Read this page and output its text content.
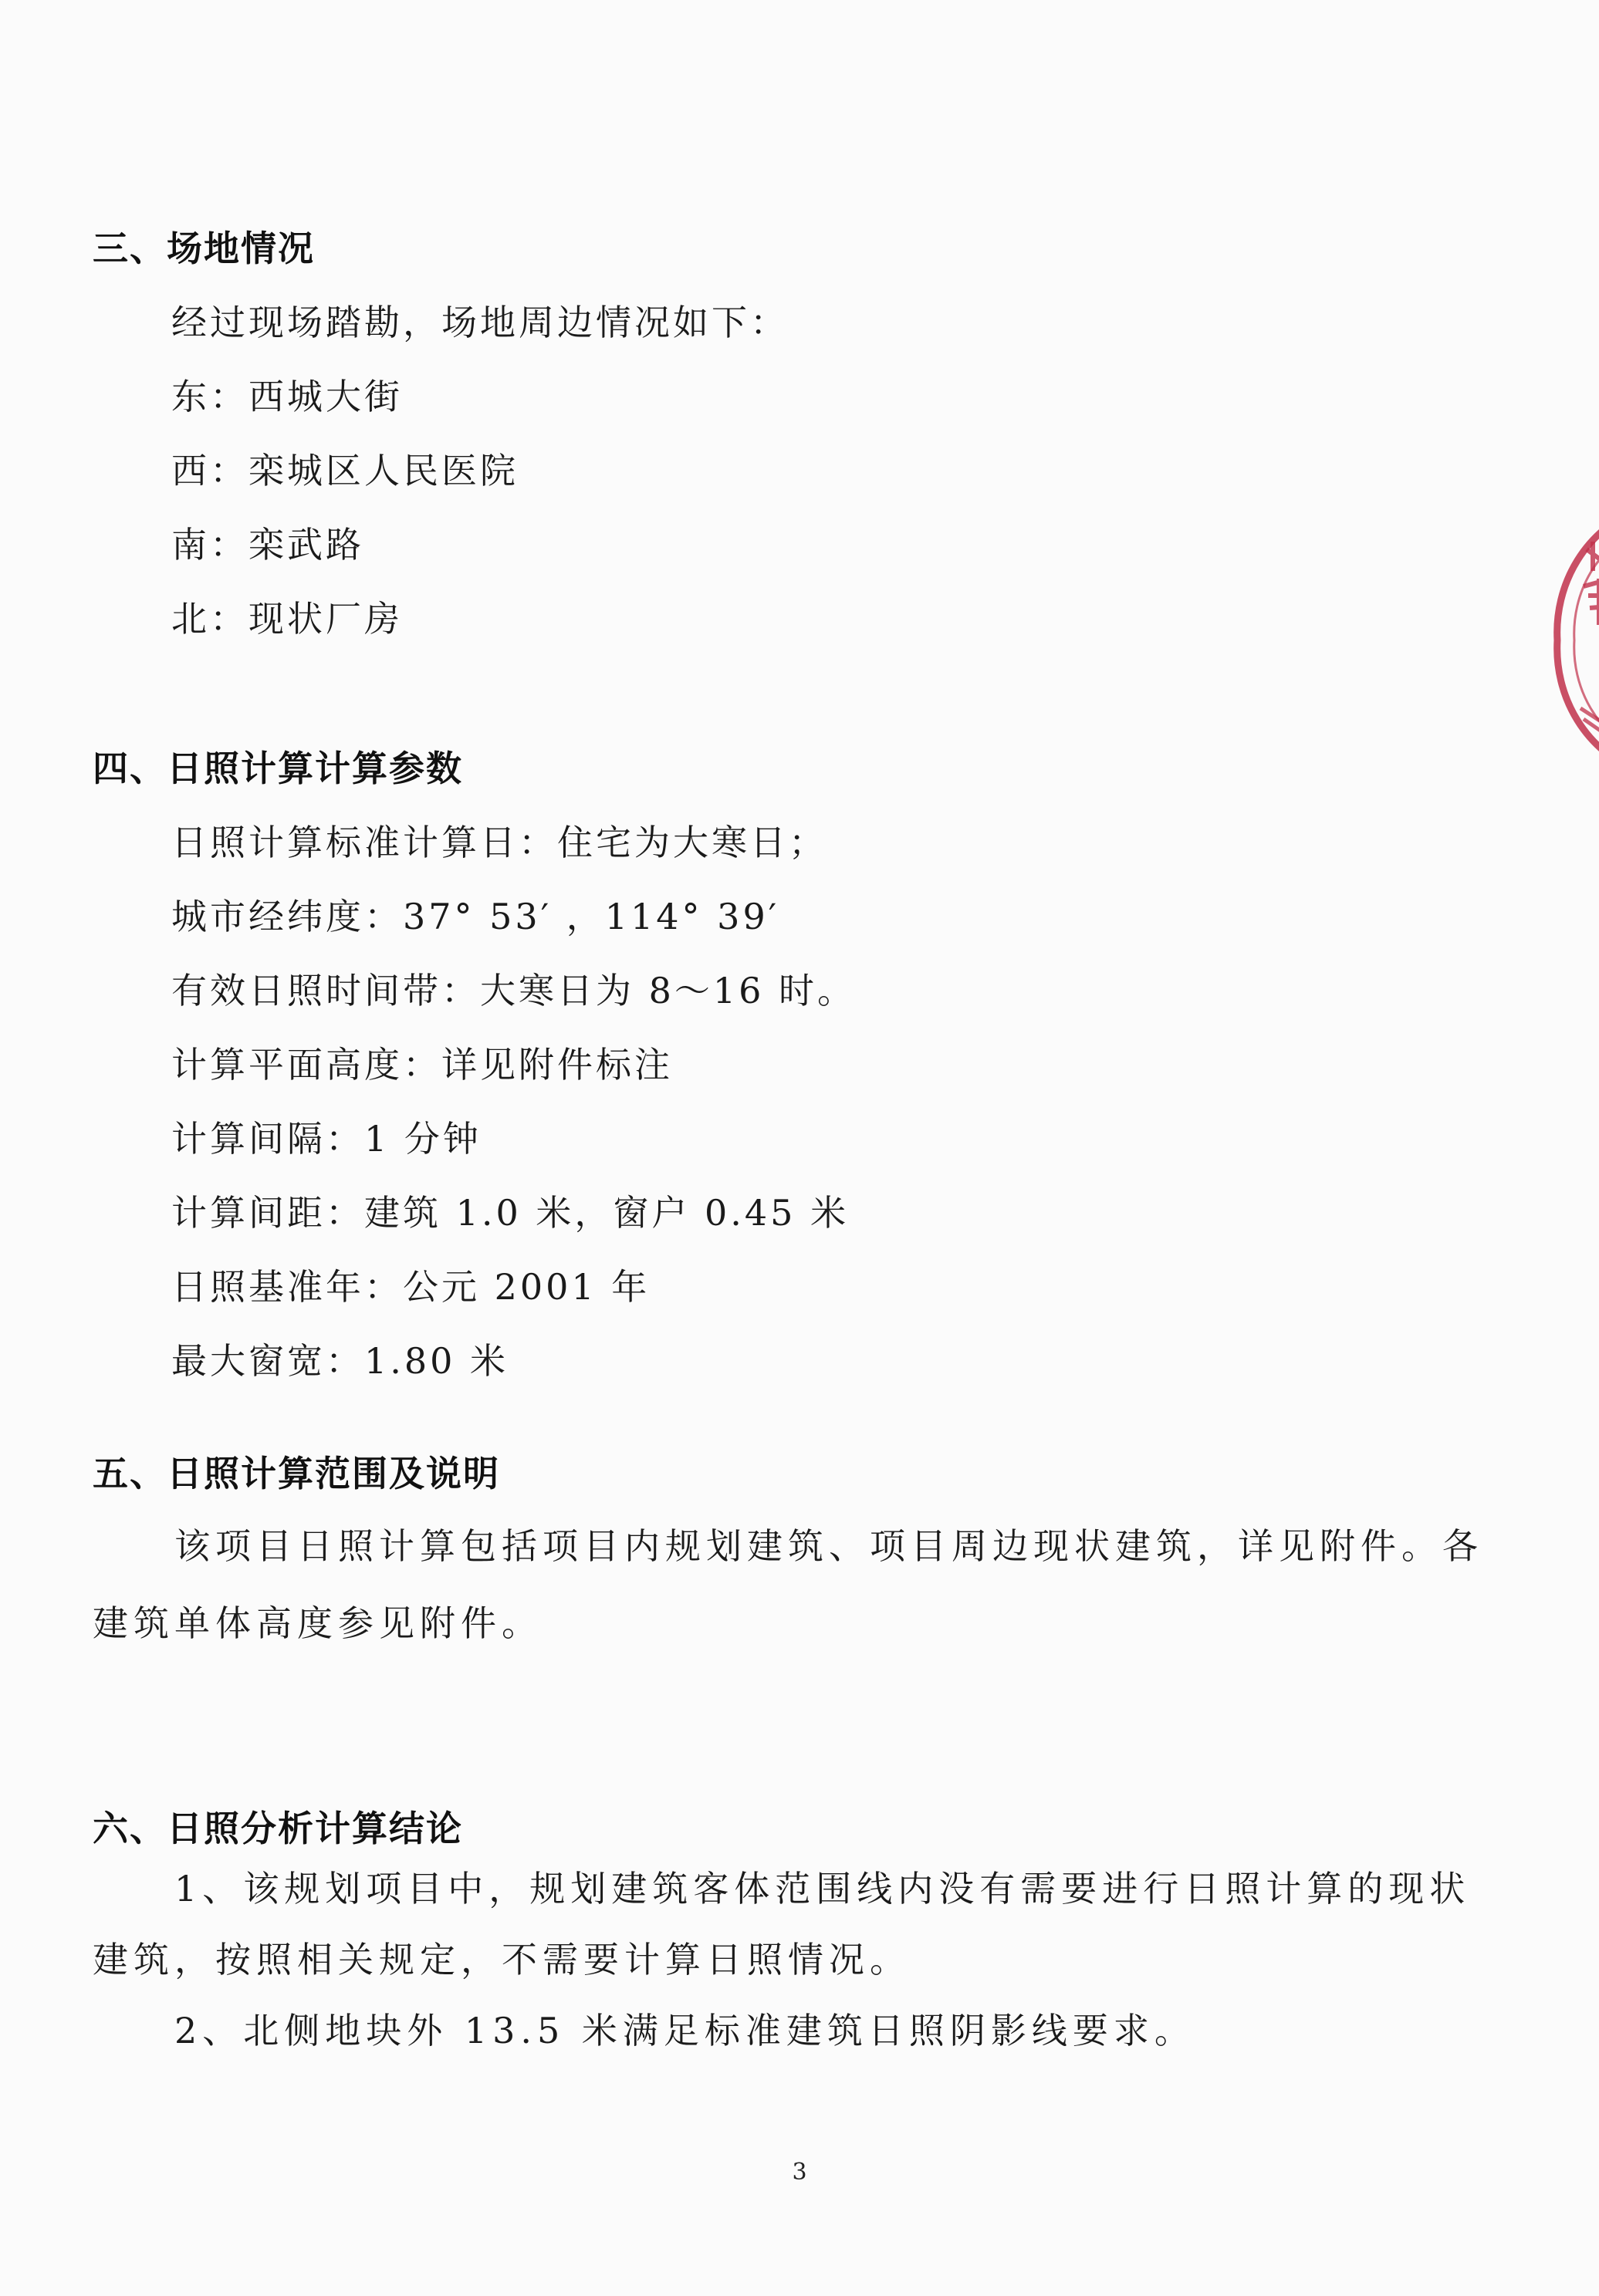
三、场地情况
经过现场踏勘，场地周边情况如下：
东：西城大街
西：栾城区人民医院
南：栾武路
北：现状厂房
四、日照计算计算参数
日照计算标准计算日：住宅为大寒日；
城市经纬度：37° 53′ ，114° 39′
有效日照时间带：大寒日为 8～16 时。
计算平面高度：详见附件标注
计算间隔：1 分钟
计算间距：建筑 1.0 米，窗户 0.45 米
日照基准年：公元 2001 年
最大窗宽：1.80 米
五、日照计算范围及说明
该项目日照计算包括项目内规划建筑、项目周边现状建筑，详见附件。各建筑单体高度参见附件。
六、日照分析计算结论
1、该规划项目中，规划建筑客体范围线内没有需要进行日照计算的现状建筑，按照相关规定，不需要计算日照情况。
2、北侧地块外 13.5 米满足标准建筑日照阴影线要求。
3
